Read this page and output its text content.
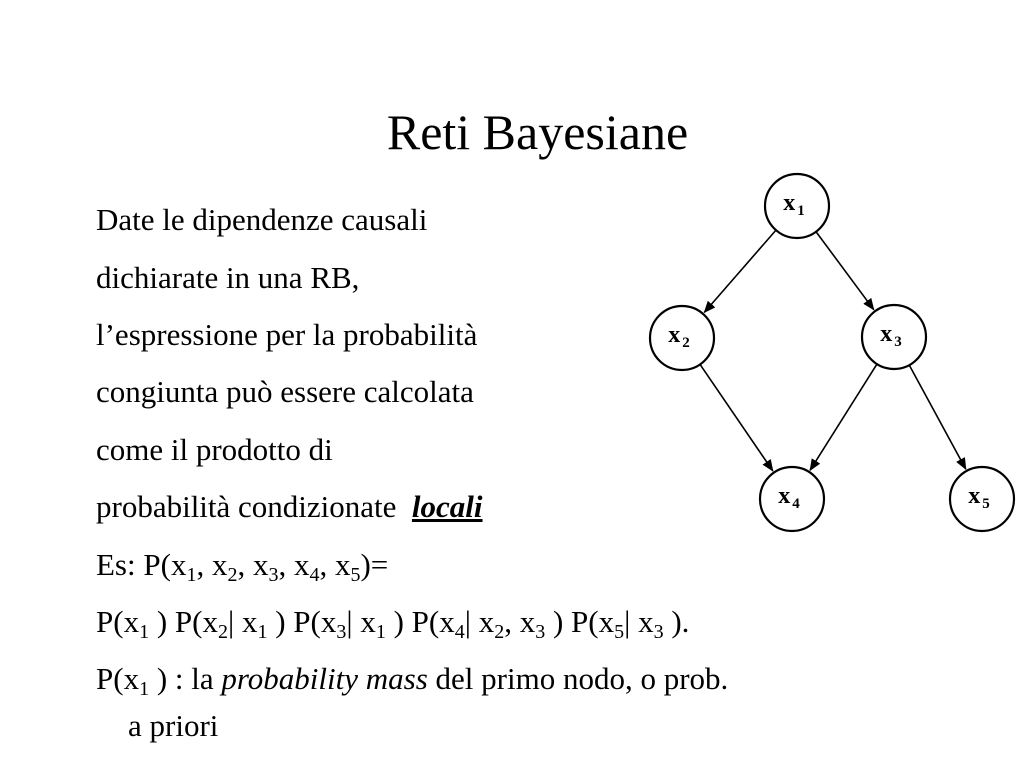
Reti Bayesiane
Date le dipendenze causali
dichiarate in una RB,
l’espressione per la probabilità
congiunta può essere calcolata
come il prodotto di
probabilità condizionate locali
Es: $P(x_1$, $x_2$, $x_3$, $x_4$, $x_5)=$
$P(x_1$ ) $P(x_2|$ $x_1$ ) $P(x_3|$ $x_1$ ) $P(x_4|$ $x_2$, $x_3$ ) $P(x_5|$ $x_3$ ).
$P(x_1$ ) : la probability mass del primo nodo, o prob.
a priori
x $_1$
x $_2$	x $_3$
x $_4$	x $_5$
